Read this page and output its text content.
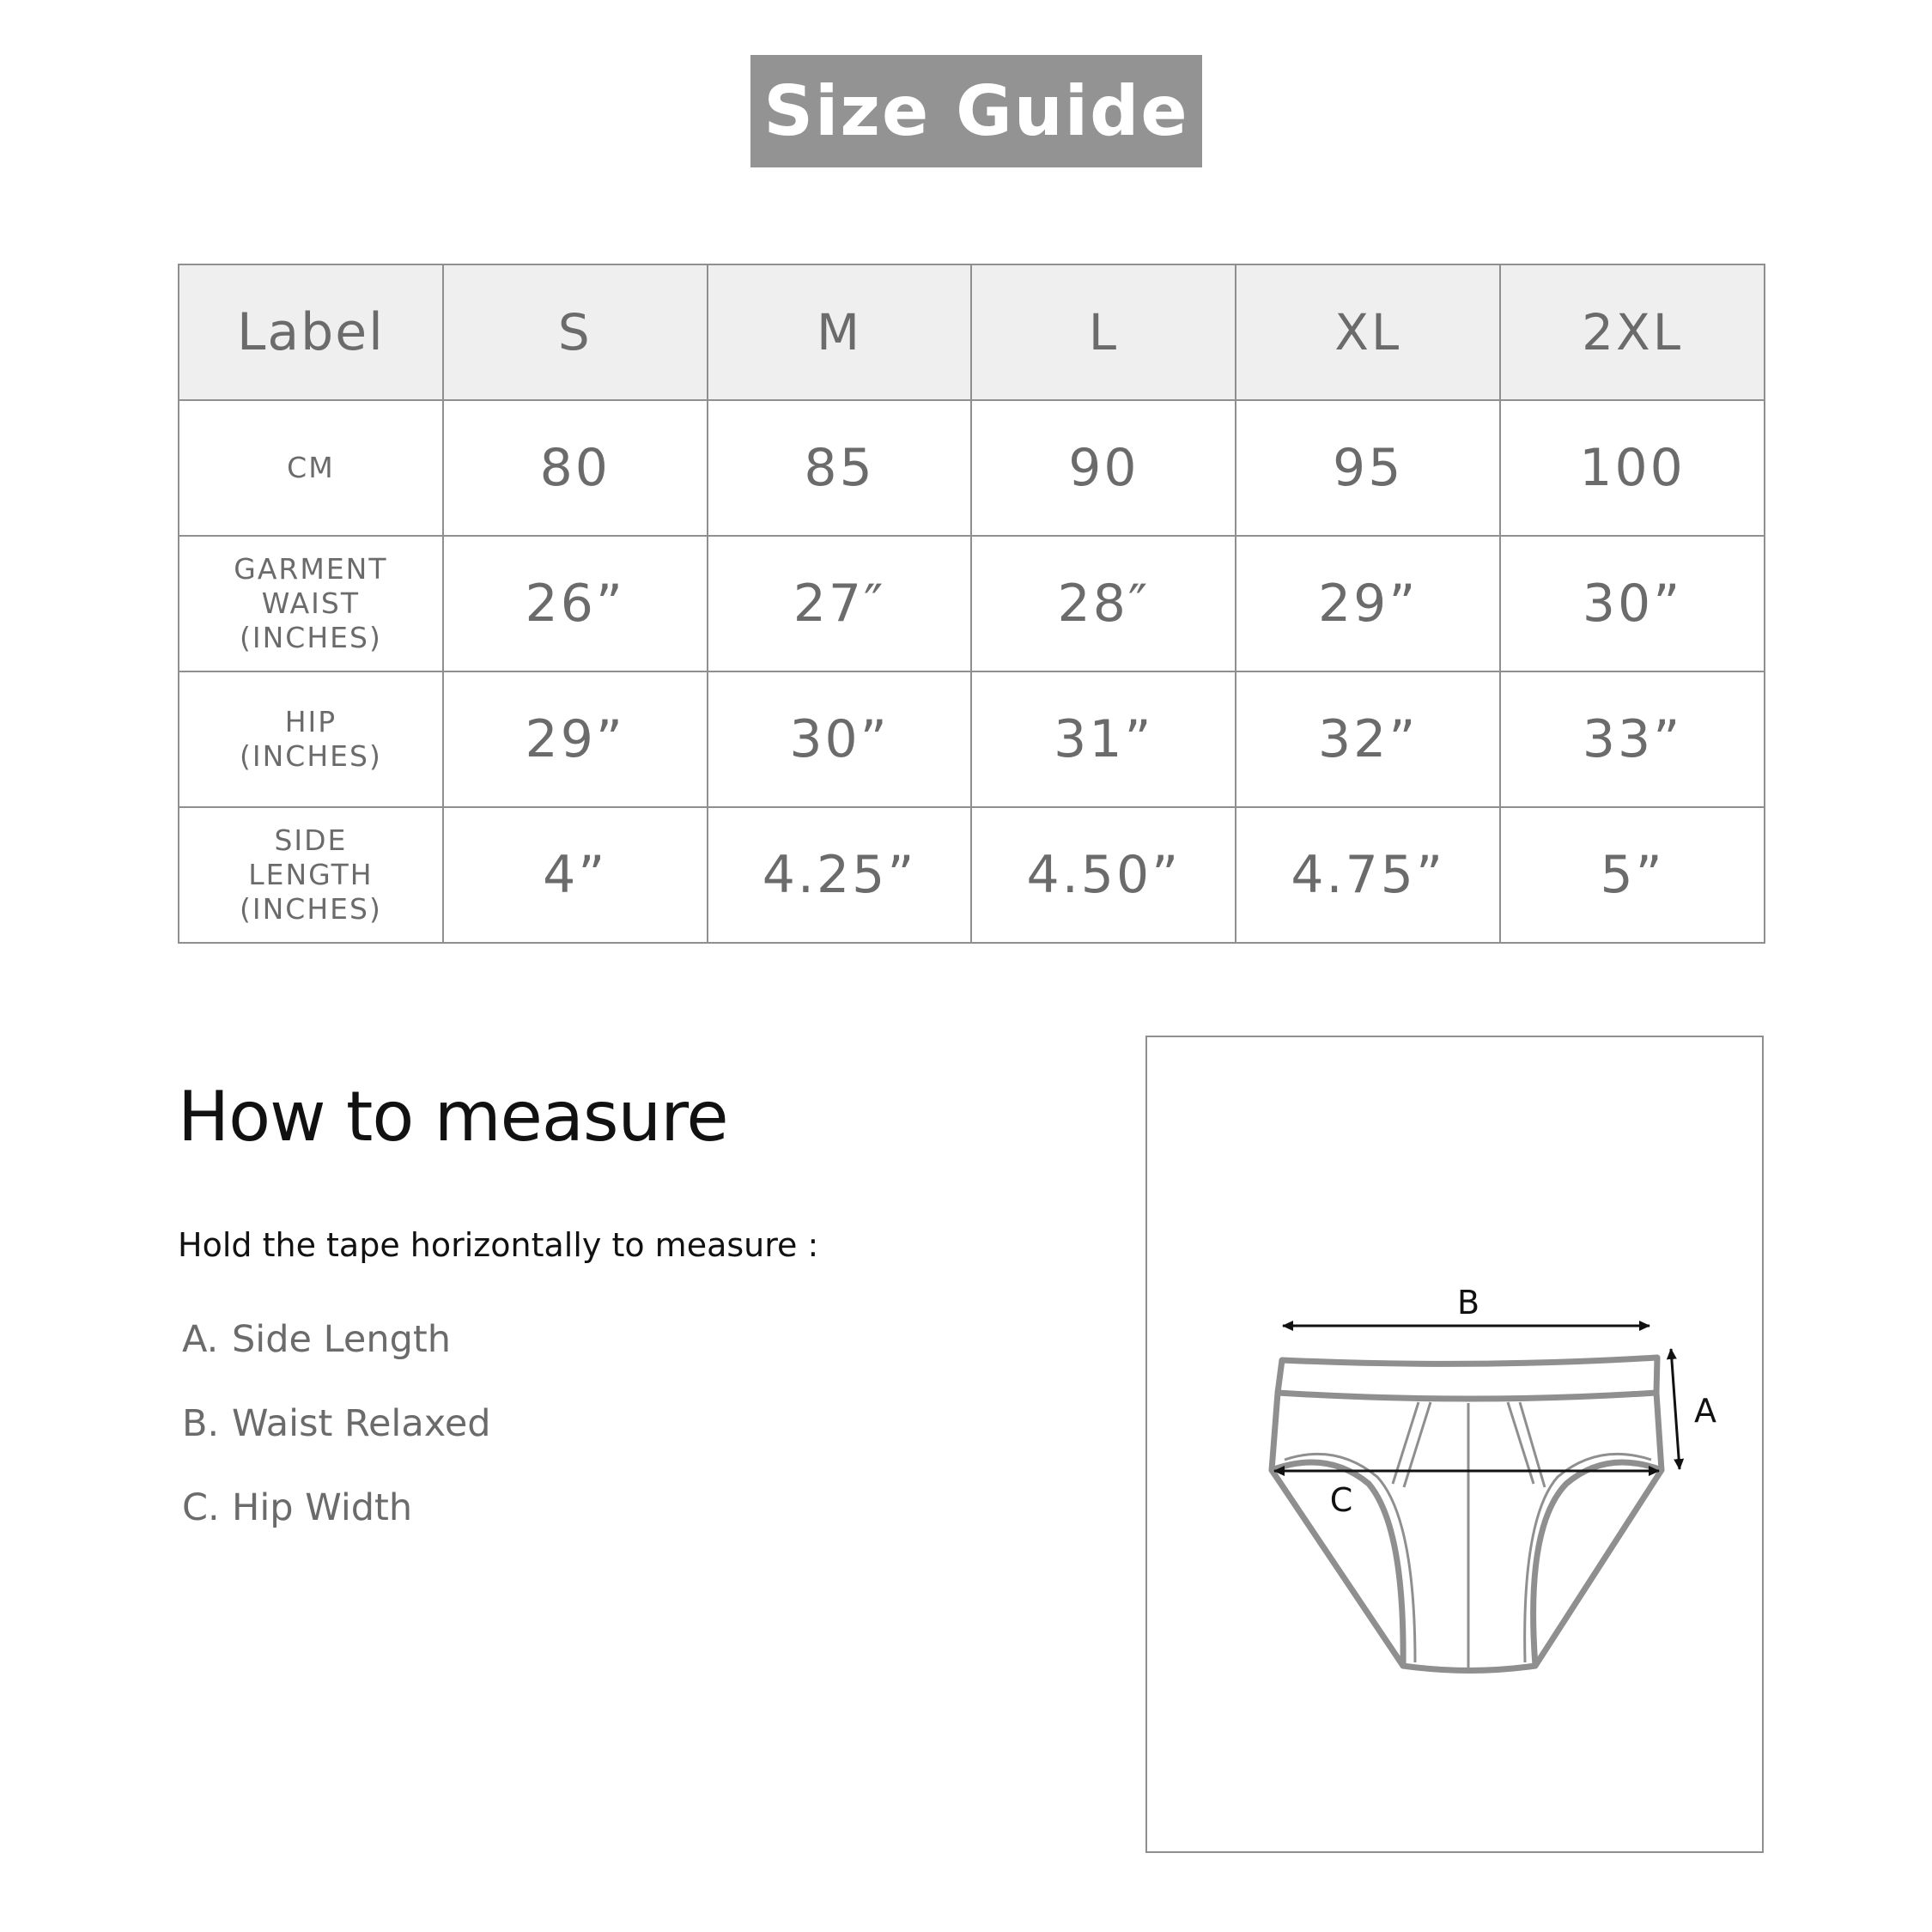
Size Guide
Label	S	M	L	XL	2XL

CM	80	85	90	95	100

GARMENT
WAIST
(INCHES)	26”	27″	28″	29”	30”

HIP
(INCHES)	29”	30”	31”	32”	33”

SIDE
LENGTH
(INCHES)	4”	4.25”	4.50”	4.75”	5”
How to measure
Hold the tape horizontally to measure :
A. Side Length
B. Waist Relaxed
C. Hip Width
B
A
C
